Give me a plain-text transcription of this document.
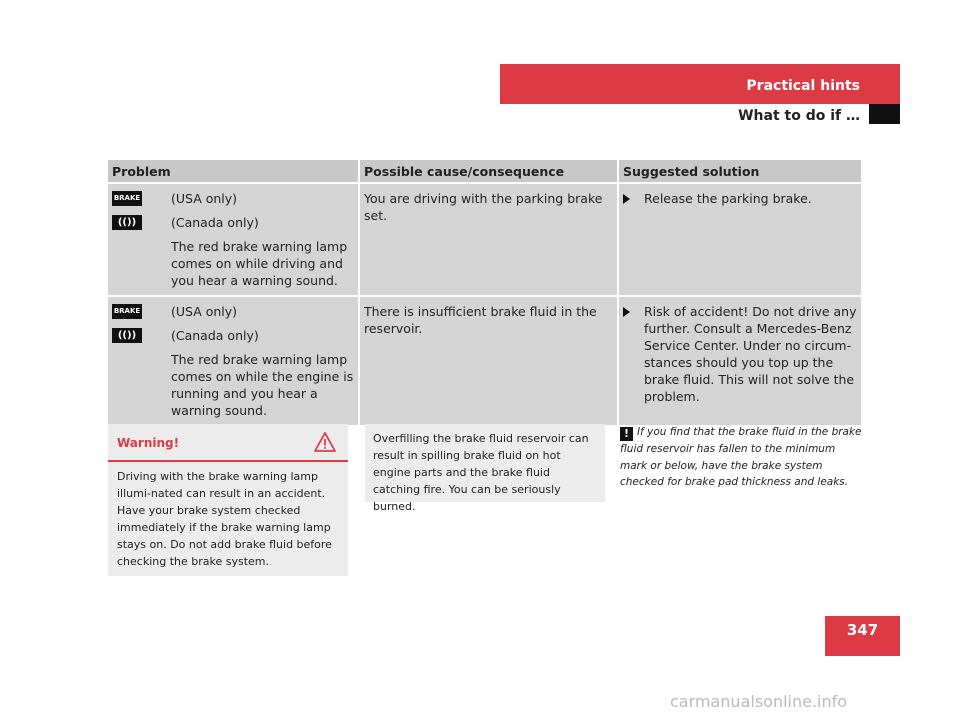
Practical hints
What to do if …
Problem	Possible cause/consequence	Suggested solution

BRAKE (USA only)
(()) (Canada only)
The red brake warning lamp comes on while driving and you hear a warning sound.	You are driving with the parking brake set.	Release the parking brake.

BRAKE (USA only)
(()) (Canada only)
The red brake warning lamp comes on while the engine is running and you hear a warning sound.	There is insufficient brake fluid in the reservoir.	Risk of accident! Do not drive any further. Consult a Mercedes-Benz Service Center. Under no circum-stances should you top up the brake fluid. This will not solve the problem.
Warning!
Driving with the brake warning lamp illumi-nated can result in an accident. Have your brake system checked immediately if the brake warning lamp stays on. Do not add brake fluid before checking the brake system.
Overfilling the brake fluid reservoir can result in spilling brake fluid on hot engine parts and the brake fluid catching fire. You can be seriously burned.
! If you find that the brake fluid in the brake fluid reservoir has fallen to the minimum mark or below, have the brake system checked for brake pad thickness and leaks.
347
carmanualsonline.info
